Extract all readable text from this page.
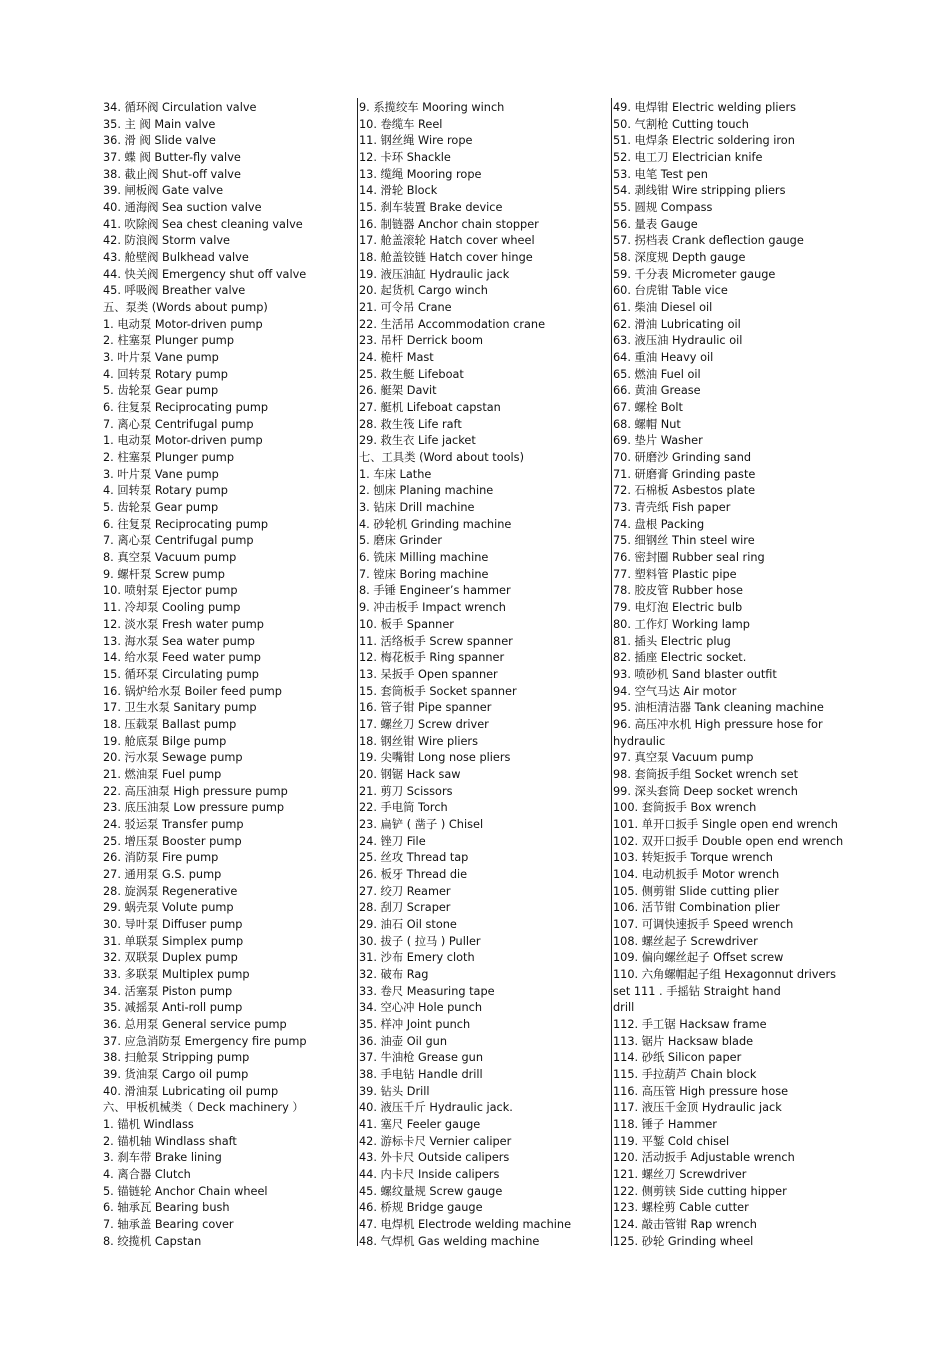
34. 循环阀 Circulation valve
35. 主 阀 Main valve
36. 滑 阀 Slide valve
37. 蝶 阀 Butter-fly valve
38. 截止阀 Shut-off valve
39. 闸板阀 Gate valve
40. 通海阀 Sea suction valve
41. 吹除阀 Sea chest cleaning valve
42. 防浪阀 Storm valve
43. 舱壁阀 Bulkhead valve
44. 快关阀 Emergency shut off valve
45. 呼吸阀 Breather valve
五、泵类 (Words about pump)
1. 电动泵 Motor-driven pump
2. 柱塞泵 Plunger pump
3. 叶片泵 Vane pump
4. 回转泵 Rotary pump
5. 齿轮泵 Gear pump
6. 往复泵 Reciprocating pump
7. 离心泵 Centrifugal pump
1. 电动泵 Motor-driven pump
2. 柱塞泵 Plunger pump
3. 叶片泵 Vane pump
4. 回转泵 Rotary pump
5. 齿轮泵 Gear pump
6. 往复泵 Reciprocating pump
7. 离心泵 Centrifugal pump
8. 真空泵 Vacuum pump
9. 螺杆泵 Screw pump
10. 喷射泵 Ejector pump
11. 冷却泵 Cooling pump
12. 淡水泵 Fresh water pump
13. 海水泵 Sea water pump
14. 给水泵 Feed water pump
15. 循环泵 Circulating pump
16. 锅炉给水泵 Boiler feed pump
17. 卫生水泵 Sanitary pump
18. 压载泵 Ballast pump
19. 舱底泵 Bilge pump
20. 污水泵 Sewage pump
21. 燃油泵 Fuel pump
22. 高压油泵 High pressure pump
23. 底压油泵 Low pressure pump
24. 驳运泵 Transfer pump
25. 增压泵 Booster pump
26. 消防泵 Fire pump
27. 通用泵 G.S. pump
28. 旋涡泵 Regenerative
29. 蜗壳泵 Volute pump
30. 导叶泵 Diffuser pump
31. 单联泵 Simplex pump
32. 双联泵 Duplex pump
33. 多联泵 Multiplex pump
34. 活塞泵 Piston pump
35. 减摇泵 Anti-roll pump
36. 总用泵 General service pump
37. 应急消防泵 Emergency fire pump
38. 扫舱泵 Stripping pump
39. 货油泵 Cargo oil pump
40. 滑油泵 Lubricating oil pump
六、甲板机械类（ Deck machinery ）
1. 锚机 Windlass
2. 锚机轴 Windlass shaft
3. 刹车带 Brake lining
4. 离合器 Clutch
5. 锚链轮 Anchor Chain wheel
6. 轴承瓦 Bearing bush
7. 轴承盖 Bearing cover
8. 绞揽机 Capstan
9. 系揽绞车 Mooring winch
10. 卷缆车 Reel
11. 钢丝绳 Wire rope
12. 卡环 Shackle
13. 缆绳 Mooring rope
14. 滑轮 Block
15. 刹车装置 Brake device
16. 制链器 Anchor chain stopper
17. 舱盖滚轮 Hatch cover wheel
18. 舱盖铰链 Hatch cover hinge
19. 液压油缸 Hydraulic jack
20. 起货机 Cargo winch
21. 可令吊 Crane
22. 生活吊 Accommodation crane
23. 吊杆 Derrick boom
24. 桅杆 Mast
25. 救生艇 Lifeboat
26. 艇架 Davit
27. 艇机 Lifeboat capstan
28. 救生筏 Life raft
29. 救生衣 Life jacket
七、工具类 (Word about tools)
1. 车床 Lathe
2. 刨床 Planing machine
3. 钻床 Drill machine
4. 砂轮机 Grinding machine
5. 磨床 Grinder
6. 铣床 Milling machine
7. 镗床 Boring machine
8. 手锤 Engineer’s hammer
9. 冲击板手 Impact wrench
10. 板手 Spanner
11. 活络板手 Screw spanner
12. 梅花板手 Ring spanner
13. 呆扳手 Open spanner
15. 套筒板手 Socket spanner
16. 管子钳 Pipe spanner
17. 螺丝刀 Screw driver
18. 钢丝钳 Wire pliers
19. 尖嘴钳 Long nose pliers
20. 钢锯 Hack saw
21. 剪刀 Scissors
22. 手电筒 Torch
23. 扁铲 ( 凿子 ) Chisel
24. 锉刀 File
25. 丝攻 Thread tap
26. 板牙 Thread die
27. 绞刀 Reamer
28. 刮刀 Scraper
29. 油石 Oil stone
30. 拔子 ( 拉马 ) Puller
31. 沙布 Emery cloth
32. 破布 Rag
33. 卷尺 Measuring tape
34. 空心冲 Hole punch
35. 样冲 Joint punch
36. 油壶 Oil gun
37. 牛油枪 Grease gun
38. 手电钻 Handle drill
39. 钻头 Drill
40. 液压千斤 Hydraulic jack.
41. 塞尺 Feeler gauge
42. 游标卡尺 Vernier caliper
43. 外卡尺 Outside calipers
44. 内卡尺 Inside calipers
45. 螺纹量规 Screw gauge
46. 桥规 Bridge gauge
47. 电焊机 Electrode welding machine
48. 气焊机 Gas welding machine
49. 电焊钳 Electric welding pliers
50. 气割枪 Cutting touch
51. 电焊条 Electric soldering iron
52. 电工刀 Electrician knife
53. 电笔 Test pen
54. 剥线钳 Wire stripping pliers
55. 圆规 Compass
56. 量表 Gauge
57. 拐档表 Crank deflection gauge
58. 深度规 Depth gauge
59. 千分表 Micrometer gauge
60. 台虎钳 Table vice
61. 柴油 Diesel oil
62. 滑油 Lubricating oil
63. 液压油 Hydraulic oil
64. 重油 Heavy oil
65. 燃油 Fuel oil
66. 黄油 Grease
67. 螺栓 Bolt
68. 螺帽 Nut
69. 垫片 Washer
70. 研磨沙 Grinding sand
71. 研磨膏 Grinding paste
72. 石棉板 Asbestos plate
73. 青壳纸 Fish paper
74. 盘根 Packing
75. 细钢丝 Thin steel wire
76. 密封圈 Rubber seal ring
77. 塑料管 Plastic pipe
78. 胶皮管 Rubber hose
79. 电灯泡 Electric bulb
80. 工作灯 Working lamp
81. 插头 Electric plug
82. 插座 Electric socket.
93. 喷砂机 Sand blaster outfit
94. 空气马达 Air motor
95. 油柜清洁器 Tank cleaning machine
96. 高压冲水机 High pressure hose for
hydraulic
97. 真空泵 Vacuum pump
98. 套筒扳手组 Socket wrench set
99. 深头套筒 Deep socket wrench
100. 套筒扳手 Box wrench
101. 单开口扳手 Single open end wrench
102. 双开口扳手 Double open end wrench
103. 转矩扳手 Torque wrench
104. 电动机扳手 Motor wrench
105. 侧剪钳 Slide cutting plier
106. 活节钳 Combination plier
107. 可调快速扳手 Speed wrench
108. 螺丝起子 Screwdriver
109. 偏向螺丝起子 Offset screw
110. 六角螺帽起子组 Hexagonnut drivers
set 111 . 手摇钻 Straight hand
drill
112. 手工锯 Hacksaw frame
113. 锯片 Hacksaw blade
114. 砂纸 Silicon paper
115. 手拉葫芦 Chain block
116. 高压管 High pressure hose
117. 液压千金顶 Hydraulic jack
118. 锤子 Hammer
119. 平錾 Cold chisel
120. 活动扳手 Adjustable wrench
121. 螺丝刀 Screwdriver
122. 侧剪铗 Side cutting hipper
123. 螺栓剪 Cable cutter
124. 敲击管钳 Rap wrench
125. 砂轮 Grinding wheel
